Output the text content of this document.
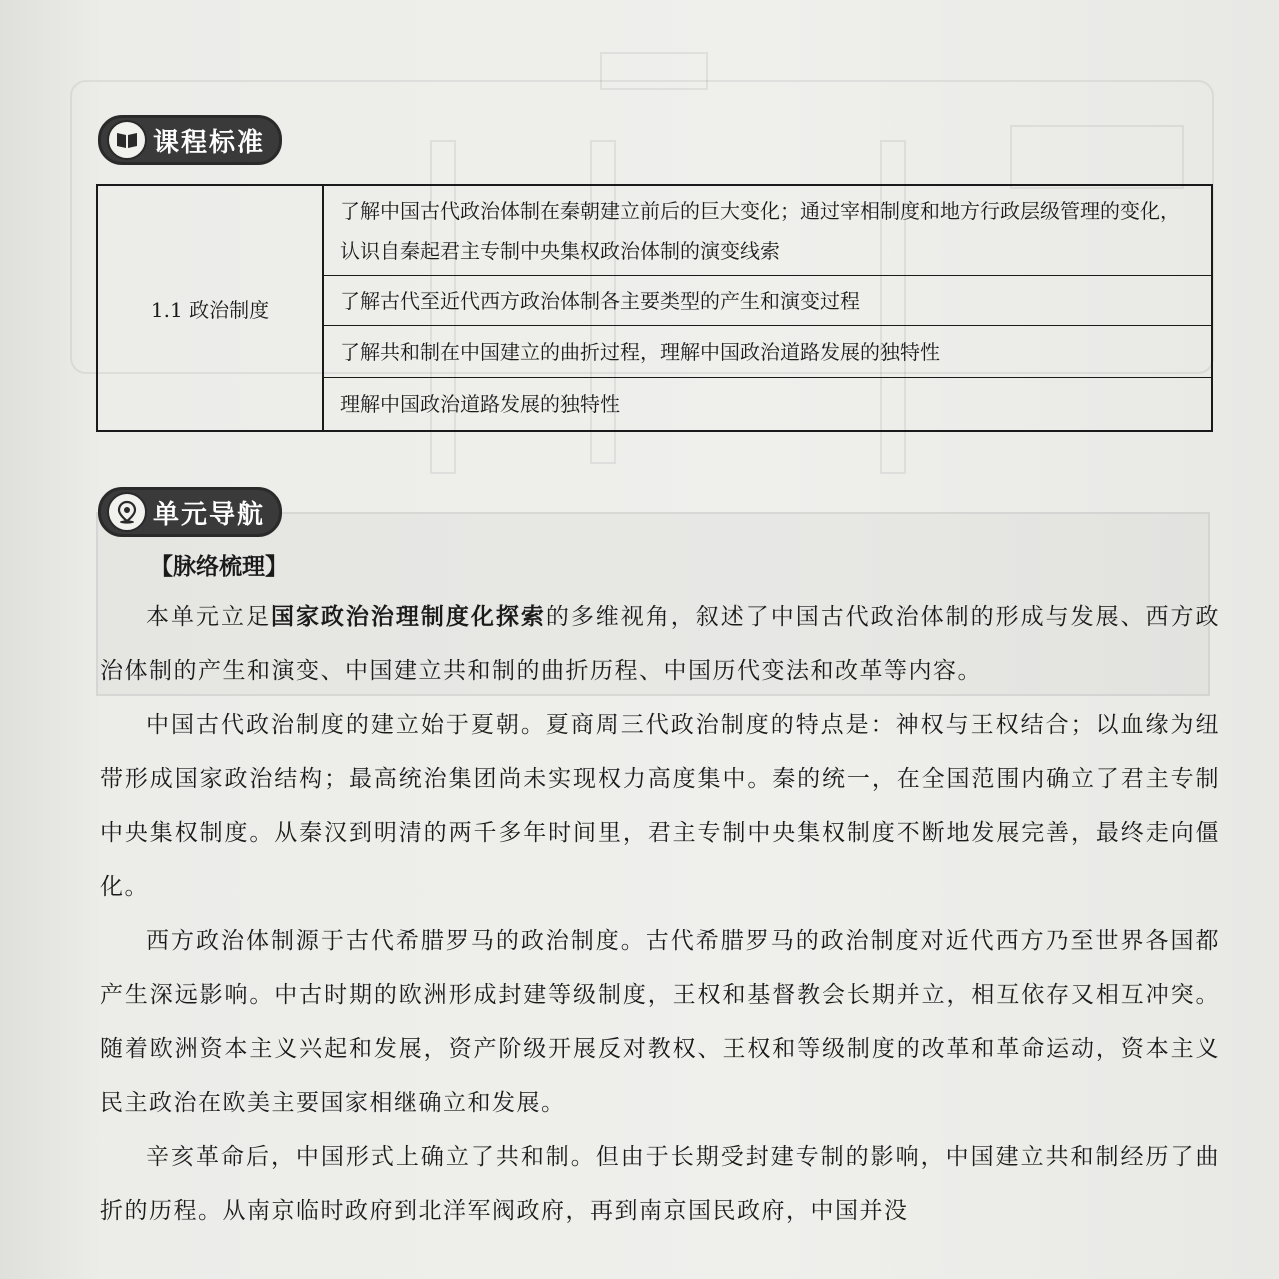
课程标准
1.1 政治制度
了解中国古代政治体制在秦朝建立前后的巨大变化；通过宰相制度和地方行政层级管理的变化，认识自秦起君主专制中央集权政治体制的演变线索
了解古代至近代西方政治体制各主要类型的产生和演变过程
了解共和制在中国建立的曲折过程，理解中国政治道路发展的独特性
理解中国政治道路发展的独特性
单元导航
【脉络梳理】

本单元立足国家政治治理制度化探索的多维视角，叙述了中国古代政治体制的形成与发展、西方政治体制的产生和演变、中国建立共和制的曲折历程、中国历代变法和改革等内容。

中国古代政治制度的建立始于夏朝。夏商周三代政治制度的特点是：神权与王权结合；以血缘为纽带形成国家政治结构；最高统治集团尚未实现权力高度集中。秦的统一，在全国范围内确立了君主专制中央集权制度。从秦汉到明清的两千多年时间里，君主专制中央集权制度不断地发展完善，最终走向僵化。

西方政治体制源于古代希腊罗马的政治制度。古代希腊罗马的政治制度对近代西方乃至世界各国都产生深远影响。中古时期的欧洲形成封建等级制度，王权和基督教会长期并立，相互依存又相互冲突。随着欧洲资本主义兴起和发展，资产阶级开展反对教权、王权和等级制度的改革和革命运动，资本主义民主政治在欧美主要国家相继确立和发展。

辛亥革命后，中国形式上确立了共和制。但由于长期受封建专制的影响，中国建立共和制经历了曲折的历程。从南京临时政府到北洋军阀政府，再到南京国民政府，中国并没
